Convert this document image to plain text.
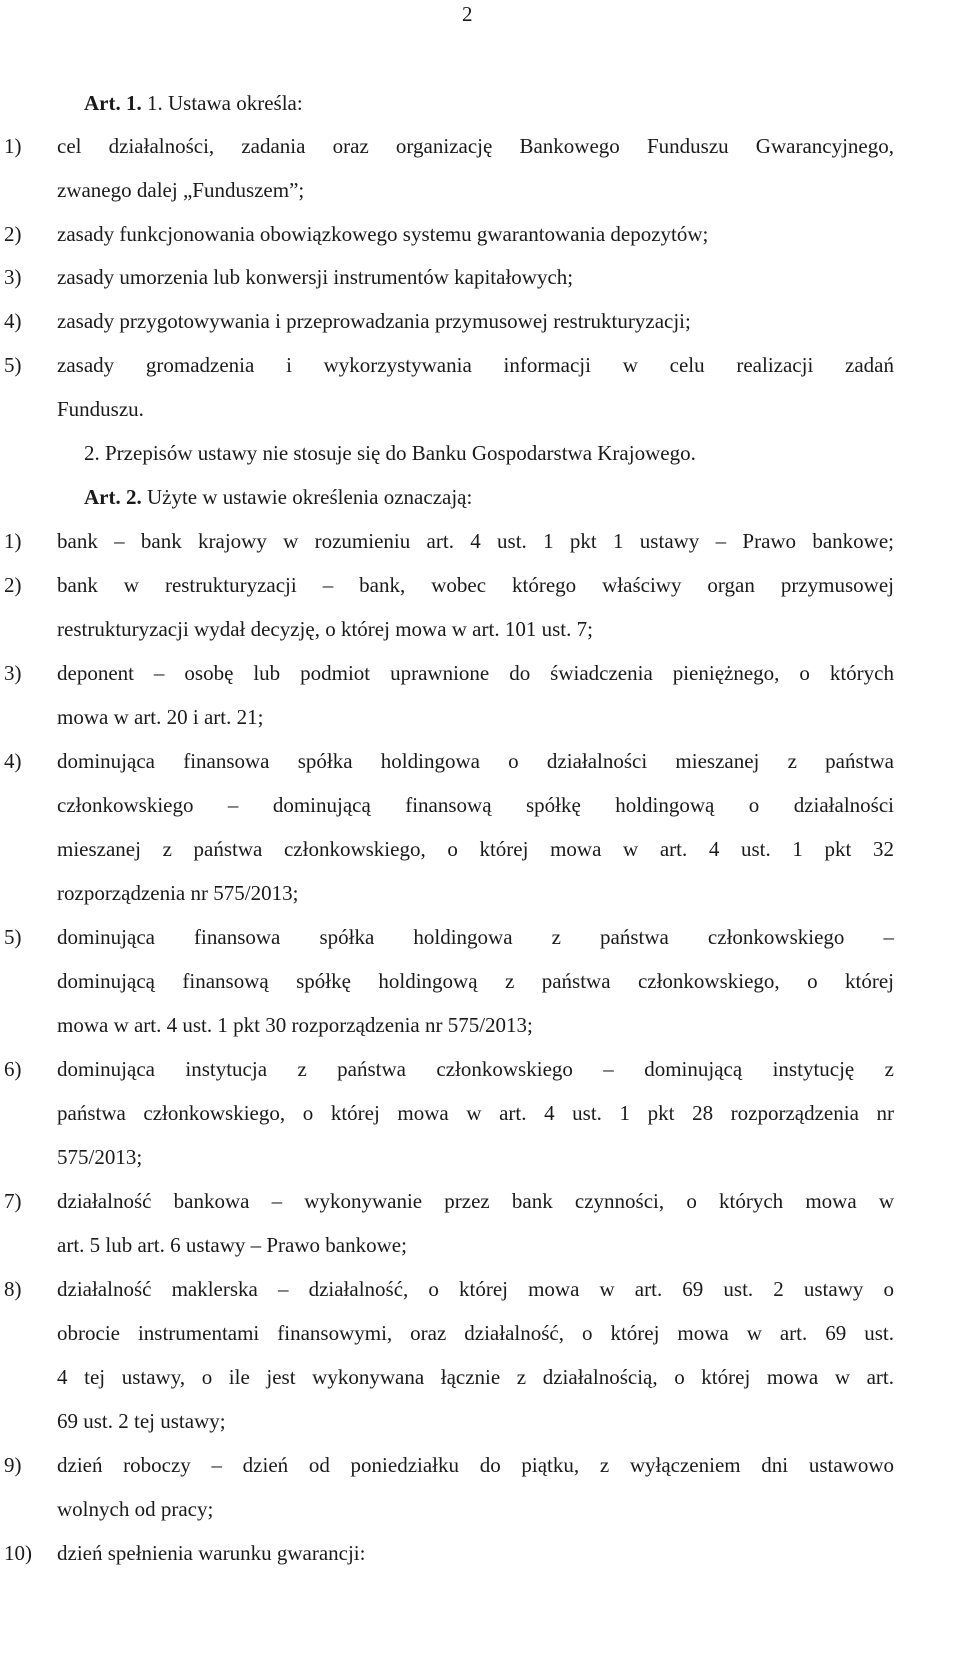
2
Art. 1. 1. Ustawa określa:
1)	cel działalności, zadania oraz organizację Bankowego Funduszu Gwarancyjnego,
zwanego dalej „Funduszem”;
2)	zasady funkcjonowania obowiązkowego systemu gwarantowania depozytów;
3)	zasady umorzenia lub konwersji instrumentów kapitałowych;
4)	zasady przygotowywania i przeprowadzania przymusowej restrukturyzacji;
5)	zasady gromadzenia i wykorzystywania informacji w celu realizacji zadań
Funduszu.
2. Przepisów ustawy nie stosuje się do Banku Gospodarstwa Krajowego.
Art. 2. Użyte w ustawie określenia oznaczają:
1)	bank – bank krajowy w rozumieniu art. 4 ust. 1 pkt 1 ustawy – Prawo bankowe;
2)	bank w restrukturyzacji – bank, wobec którego właściwy organ przymusowej
restrukturyzacji wydał decyzję, o której mowa w art. 101 ust. 7;
3)	deponent – osobę lub podmiot uprawnione do świadczenia pieniężnego, o których
mowa w art. 20 i art. 21;
4)	dominująca finansowa spółka holdingowa o działalności mieszanej z państwa
członkowskiego – dominującą finansową spółkę holdingową o działalności
mieszanej z państwa członkowskiego, o której mowa w art. 4 ust. 1 pkt 32
rozporządzenia nr 575/2013;
5)	dominująca finansowa spółka holdingowa z państwa członkowskiego –
dominującą finansową spółkę holdingową z państwa członkowskiego, o której
mowa w art. 4 ust. 1 pkt 30 rozporządzenia nr 575/2013;
6)	dominująca instytucja z państwa członkowskiego – dominującą instytucję z
państwa członkowskiego, o której mowa w art. 4 ust. 1 pkt 28 rozporządzenia nr
575/2013;
7)	działalność bankowa – wykonywanie przez bank czynności, o których mowa w
art. 5 lub art. 6 ustawy – Prawo bankowe;
8)	działalność maklerska – działalność, o której mowa w art. 69 ust. 2 ustawy o
obrocie instrumentami finansowymi, oraz działalność, o której mowa w art. 69 ust.
4 tej ustawy, o ile jest wykonywana łącznie z działalnością, o której mowa w art.
69 ust. 2 tej ustawy;
9)	dzień roboczy – dzień od poniedziałku do piątku, z wyłączeniem dni ustawowo
wolnych od pracy;
10)	dzień spełnienia warunku gwarancji:
